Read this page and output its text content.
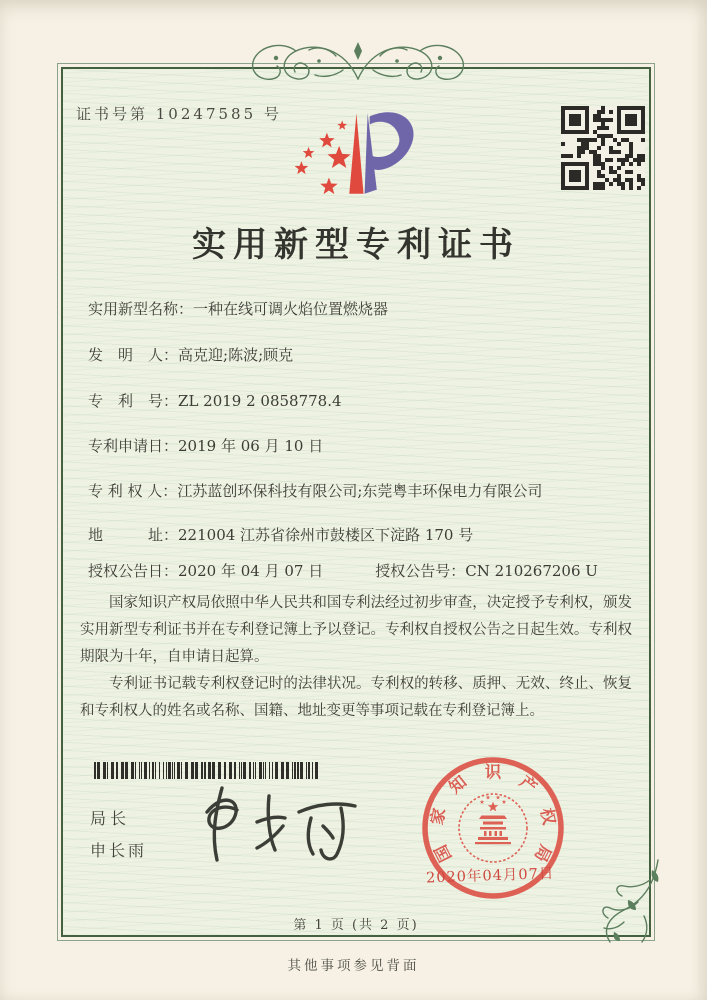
证书号第 10247585 号
实用新型专利证书
实用新型名称：一种在线可调火焰位置燃烧器
发　明　人：高克迎;陈波;顾克
专　利　号：ZL 2019 2 0858778.4
专利申请日：2019 年 06 月 10 日
专 利 权 人：江苏蓝创环保科技有限公司;东莞粤丰环保电力有限公司
地　　　址：221004 江苏省徐州市鼓楼区下淀路 170 号
授权公告日：2020 年 04 月 07 日	授权公告号：CN 210267206 U

国家知识产权局依照中华人民共和国专利法经过初步审查，决定授予专利权，颁发实用新型专利证书并在专利登记簿上予以登记。专利权自授权公告之日起生效。专利权期限为十年，自申请日起算。

专利证书记载专利权登记时的法律状况。专利权的转移、质押、无效、终止、恢复和专利权人的姓名或名称、国籍、地址变更等事项记载在专利登记簿上。

局长
申长雨	国
家
知 识 产
权
局
2020年04月07日
第 1 页 (共 2 页)
其他事项参见背面
